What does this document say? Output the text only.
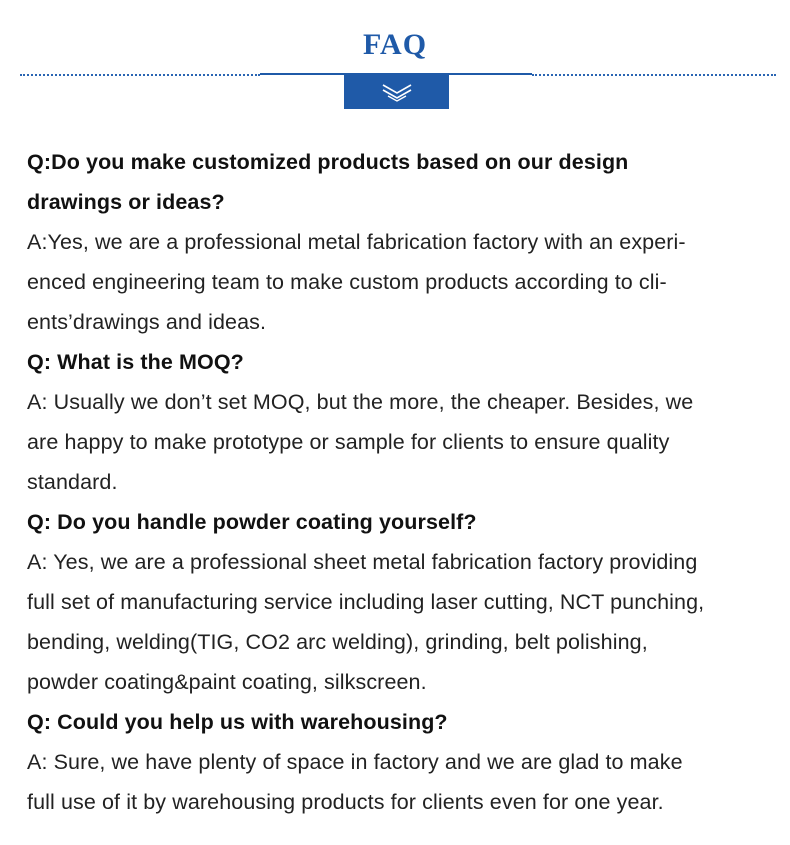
FAQ
Q:Do you make customized products based on our design
drawings or ideas?
A:Yes, we are a professional metal fabrication factory with an experi-
enced engineering team to make custom products according to cli-
ents’drawings and ideas.
Q: What is the MOQ?
A: Usually we don’t set MOQ, but the more, the cheaper. Besides, we
are happy to make prototype or sample for clients to ensure quality
standard.
Q: Do you handle powder coating yourself?
A: Yes, we are a professional sheet metal fabrication factory providing
full set of manufacturing service including laser cutting, NCT punching,
bending, welding(TIG, CO2 arc welding), grinding, belt polishing,
powder coating&paint coating, silkscreen.
Q: Could you help us with warehousing?
A: Sure, we have plenty of space in factory and we are glad to make
full use of it by warehousing products for clients even for one year.
